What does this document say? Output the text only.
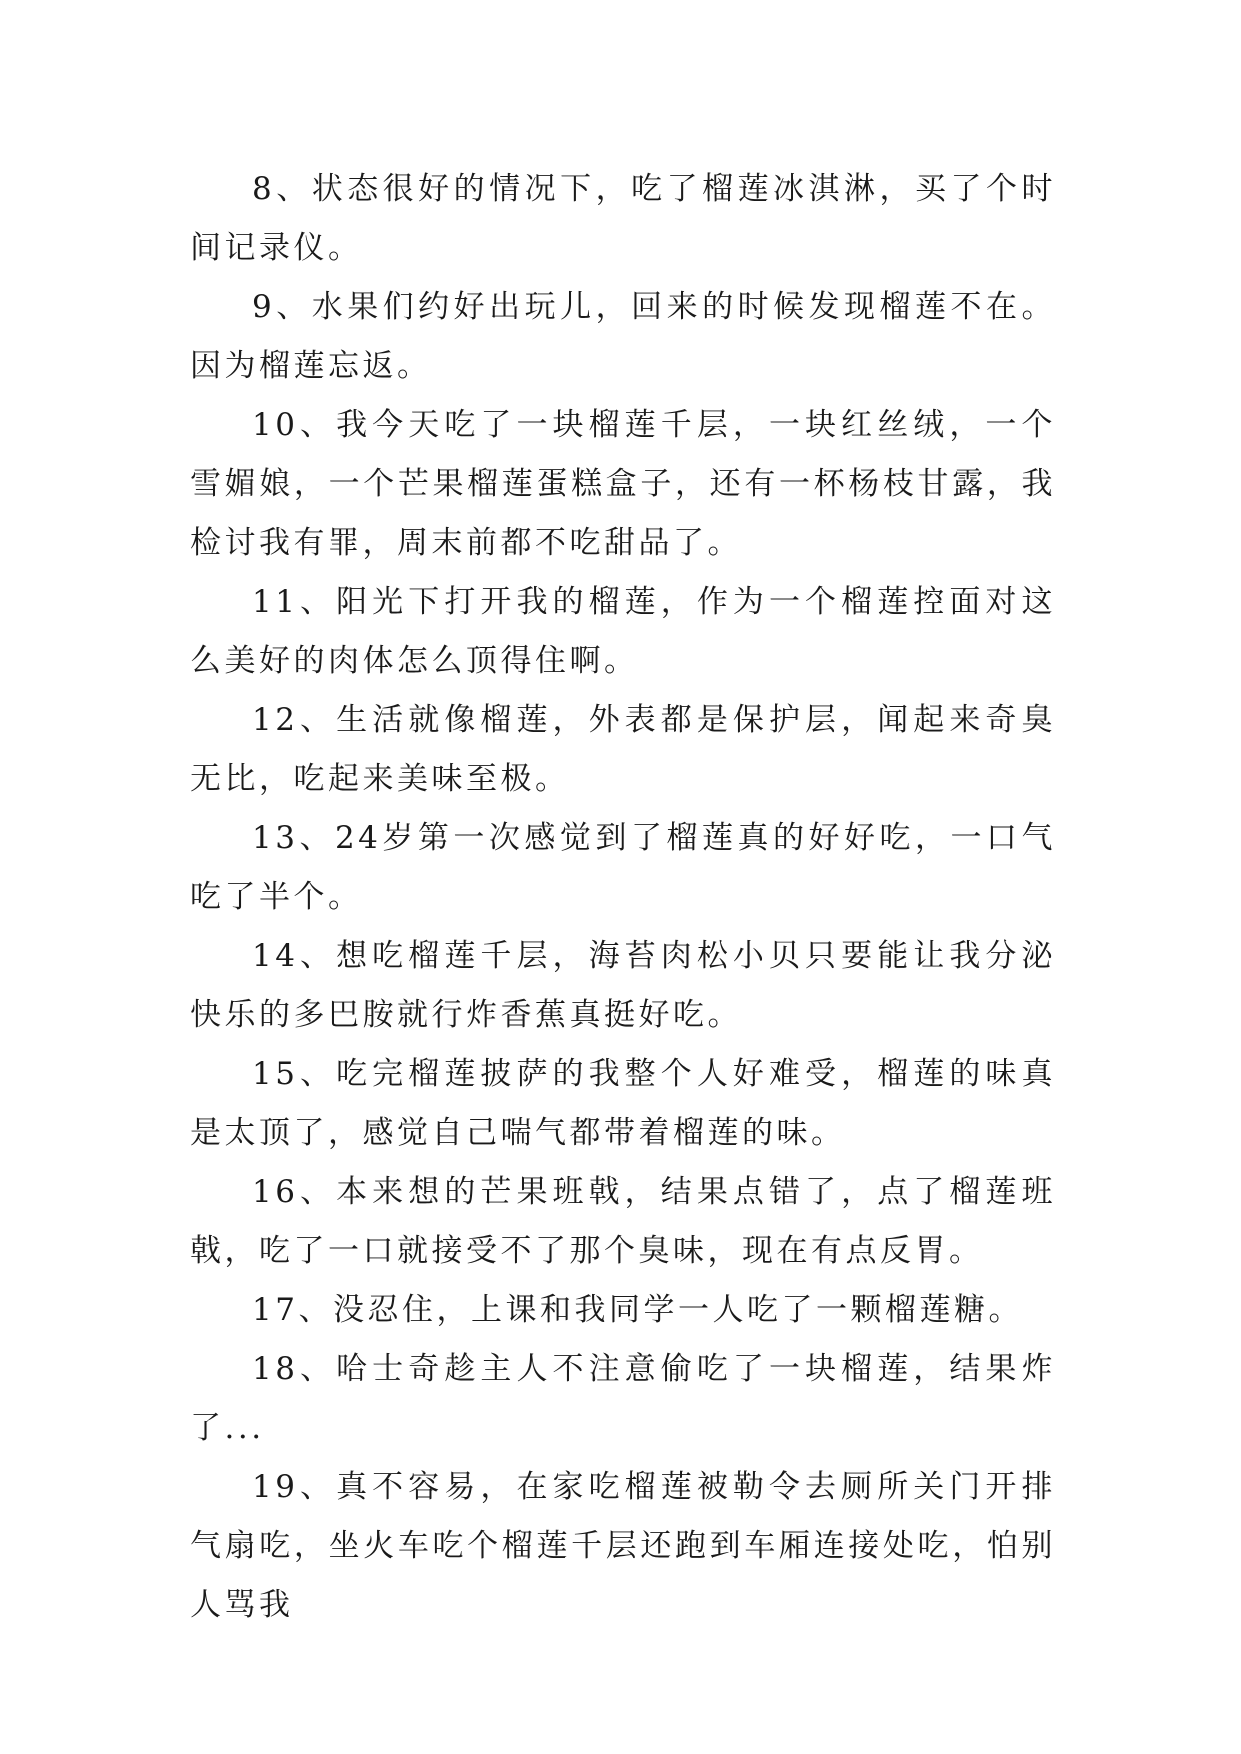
8、状态很好的情况下，吃了榴莲冰淇淋，买了个时间记录仪。

9、水果们约好出玩儿，回来的时候发现榴莲不在。因为榴莲忘返。

10、我今天吃了一块榴莲千层，一块红丝绒，一个雪媚娘，一个芒果榴莲蛋糕盒子，还有一杯杨枝甘露，我检讨我有罪，周末前都不吃甜品了。

11、阳光下打开我的榴莲，作为一个榴莲控面对这么美好的肉体怎么顶得住啊。

12、生活就像榴莲，外表都是保护层，闻起来奇臭无比，吃起来美味至极。

13、24岁第一次感觉到了榴莲真的好好吃，一口气吃了半个。

14、想吃榴莲千层，海苔肉松小贝只要能让我分泌快乐的多巴胺就行炸香蕉真挺好吃。

15、吃完榴莲披萨的我整个人好难受，榴莲的味真是太顶了，感觉自己喘气都带着榴莲的味。

16、本来想的芒果班戟，结果点错了，点了榴莲班戟，吃了一口就接受不了那个臭味，现在有点反胃。

17、没忍住，上课和我同学一人吃了一颗榴莲糖。

18、哈士奇趁主人不注意偷吃了一块榴莲，结果炸了...

19、真不容易，在家吃榴莲被勒令去厕所关门开排气扇吃，坐火车吃个榴莲千层还跑到车厢连接处吃，怕别人骂我
